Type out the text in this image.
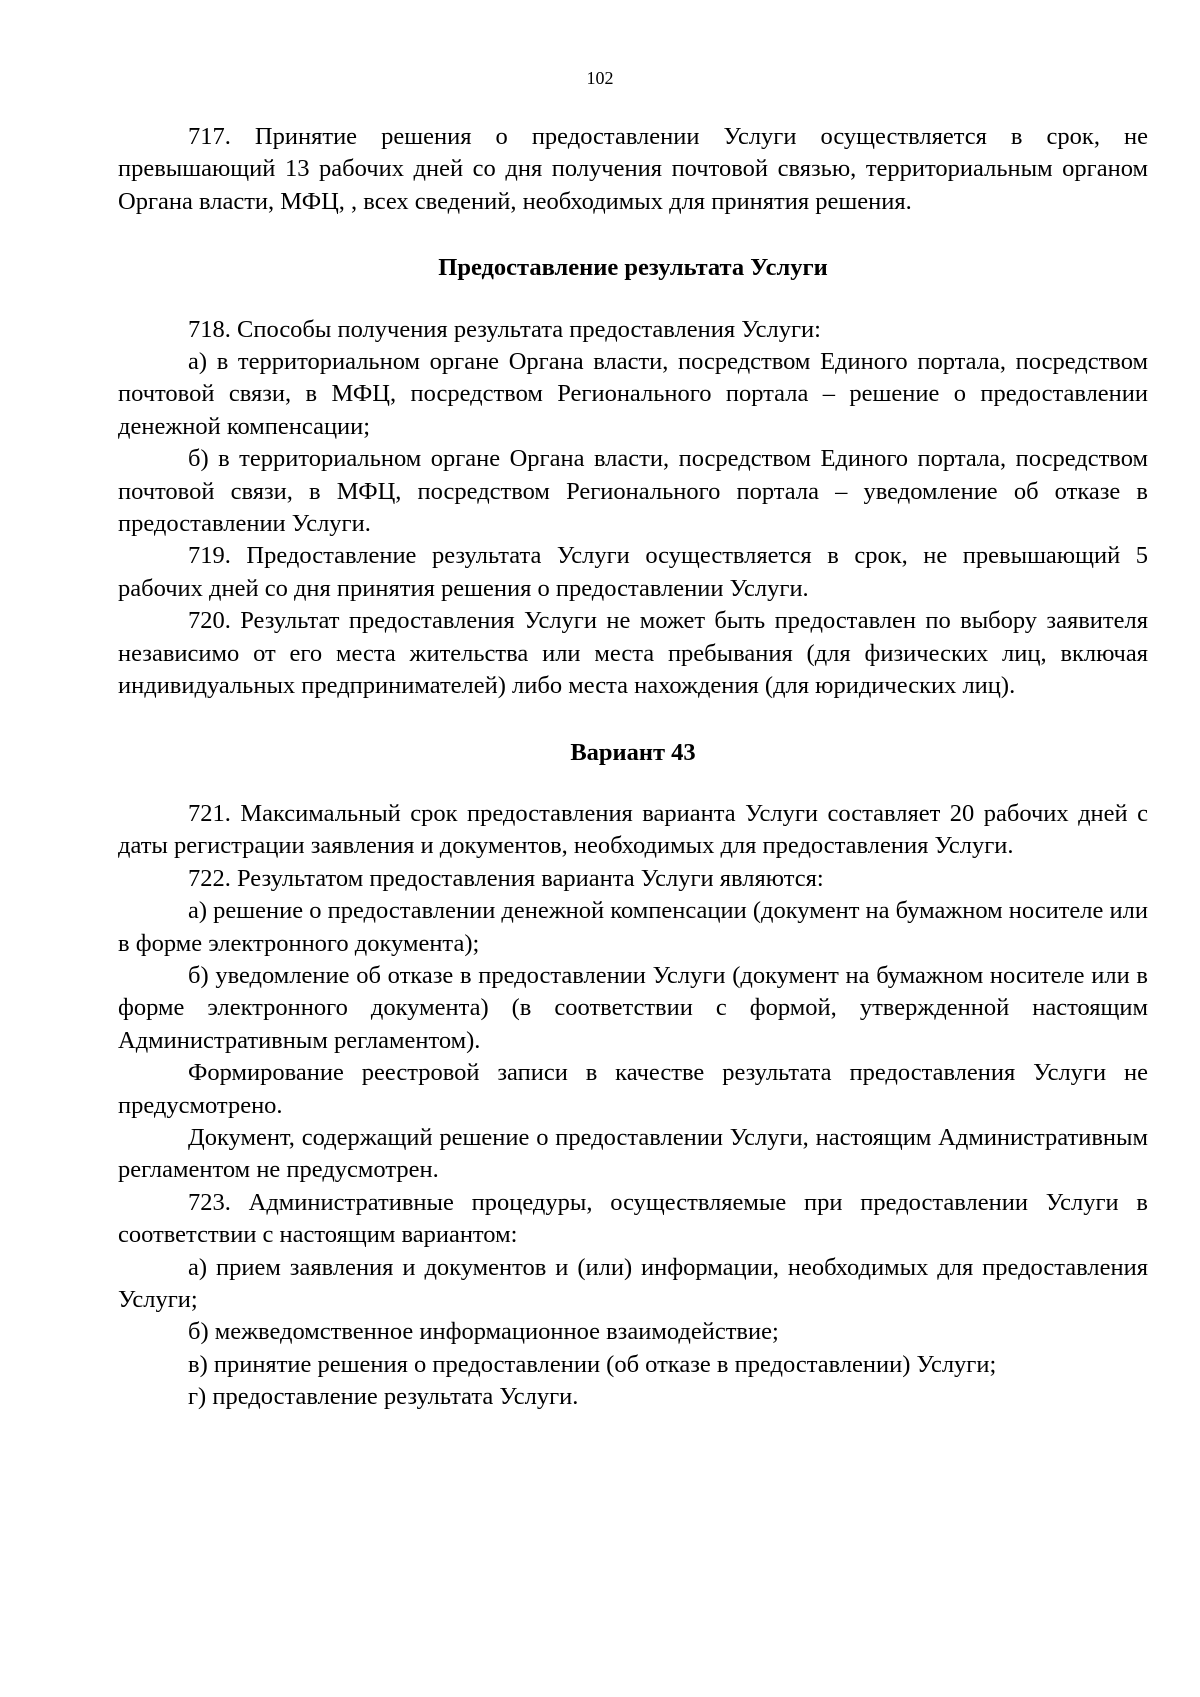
102

717. Принятие решения о предоставлении Услуги осуществляется в срок, не превышающий 13 рабочих дней со дня получения почтовой связью, территориальным органом Органа власти, МФЦ, , всех сведений, необходимых для принятия решения.

Предоставление результата Услуги

718. Способы получения результата предоставления Услуги:

а) в территориальном органе Органа власти, посредством Единого портала, посредством почтовой связи, в МФЦ, посредством Регионального портала – решение о предоставлении денежной компенсации;

б) в территориальном органе Органа власти, посредством Единого портала, посредством почтовой связи, в МФЦ, посредством Регионального портала – уведомление об отказе в предоставлении Услуги.

719. Предоставление результата Услуги осуществляется в срок, не превышающий 5 рабочих дней со дня принятия решения о предоставлении Услуги.

720. Результат предоставления Услуги не может быть предоставлен по выбору заявителя независимо от его места жительства или места пребывания (для физических лиц, включая индивидуальных предпринимателей) либо места нахождения (для юридических лиц).

Вариант 43

721. Максимальный срок предоставления варианта Услуги составляет 20 рабочих дней с даты регистрации заявления и документов, необходимых для предоставления Услуги.

722. Результатом предоставления варианта Услуги являются:

а) решение о предоставлении денежной компенсации (документ на бумажном носителе или в форме электронного документа);

б) уведомление об отказе в предоставлении Услуги (документ на бумажном носителе или в форме электронного документа) (в соответствии с формой, утвержденной настоящим Административным регламентом).

Формирование реестровой записи в качестве результата предоставления Услуги не предусмотрено.

Документ, содержащий решение о предоставлении Услуги, настоящим Административным регламентом не предусмотрен.

723. Административные процедуры, осуществляемые при предоставлении Услуги в соответствии с настоящим вариантом:

а) прием заявления и документов и (или) информации, необходимых для предоставления Услуги;

б) межведомственное информационное взаимодействие;

в) принятие решения о предоставлении (об отказе в предоставлении) Услуги;

г) предоставление результата Услуги.
